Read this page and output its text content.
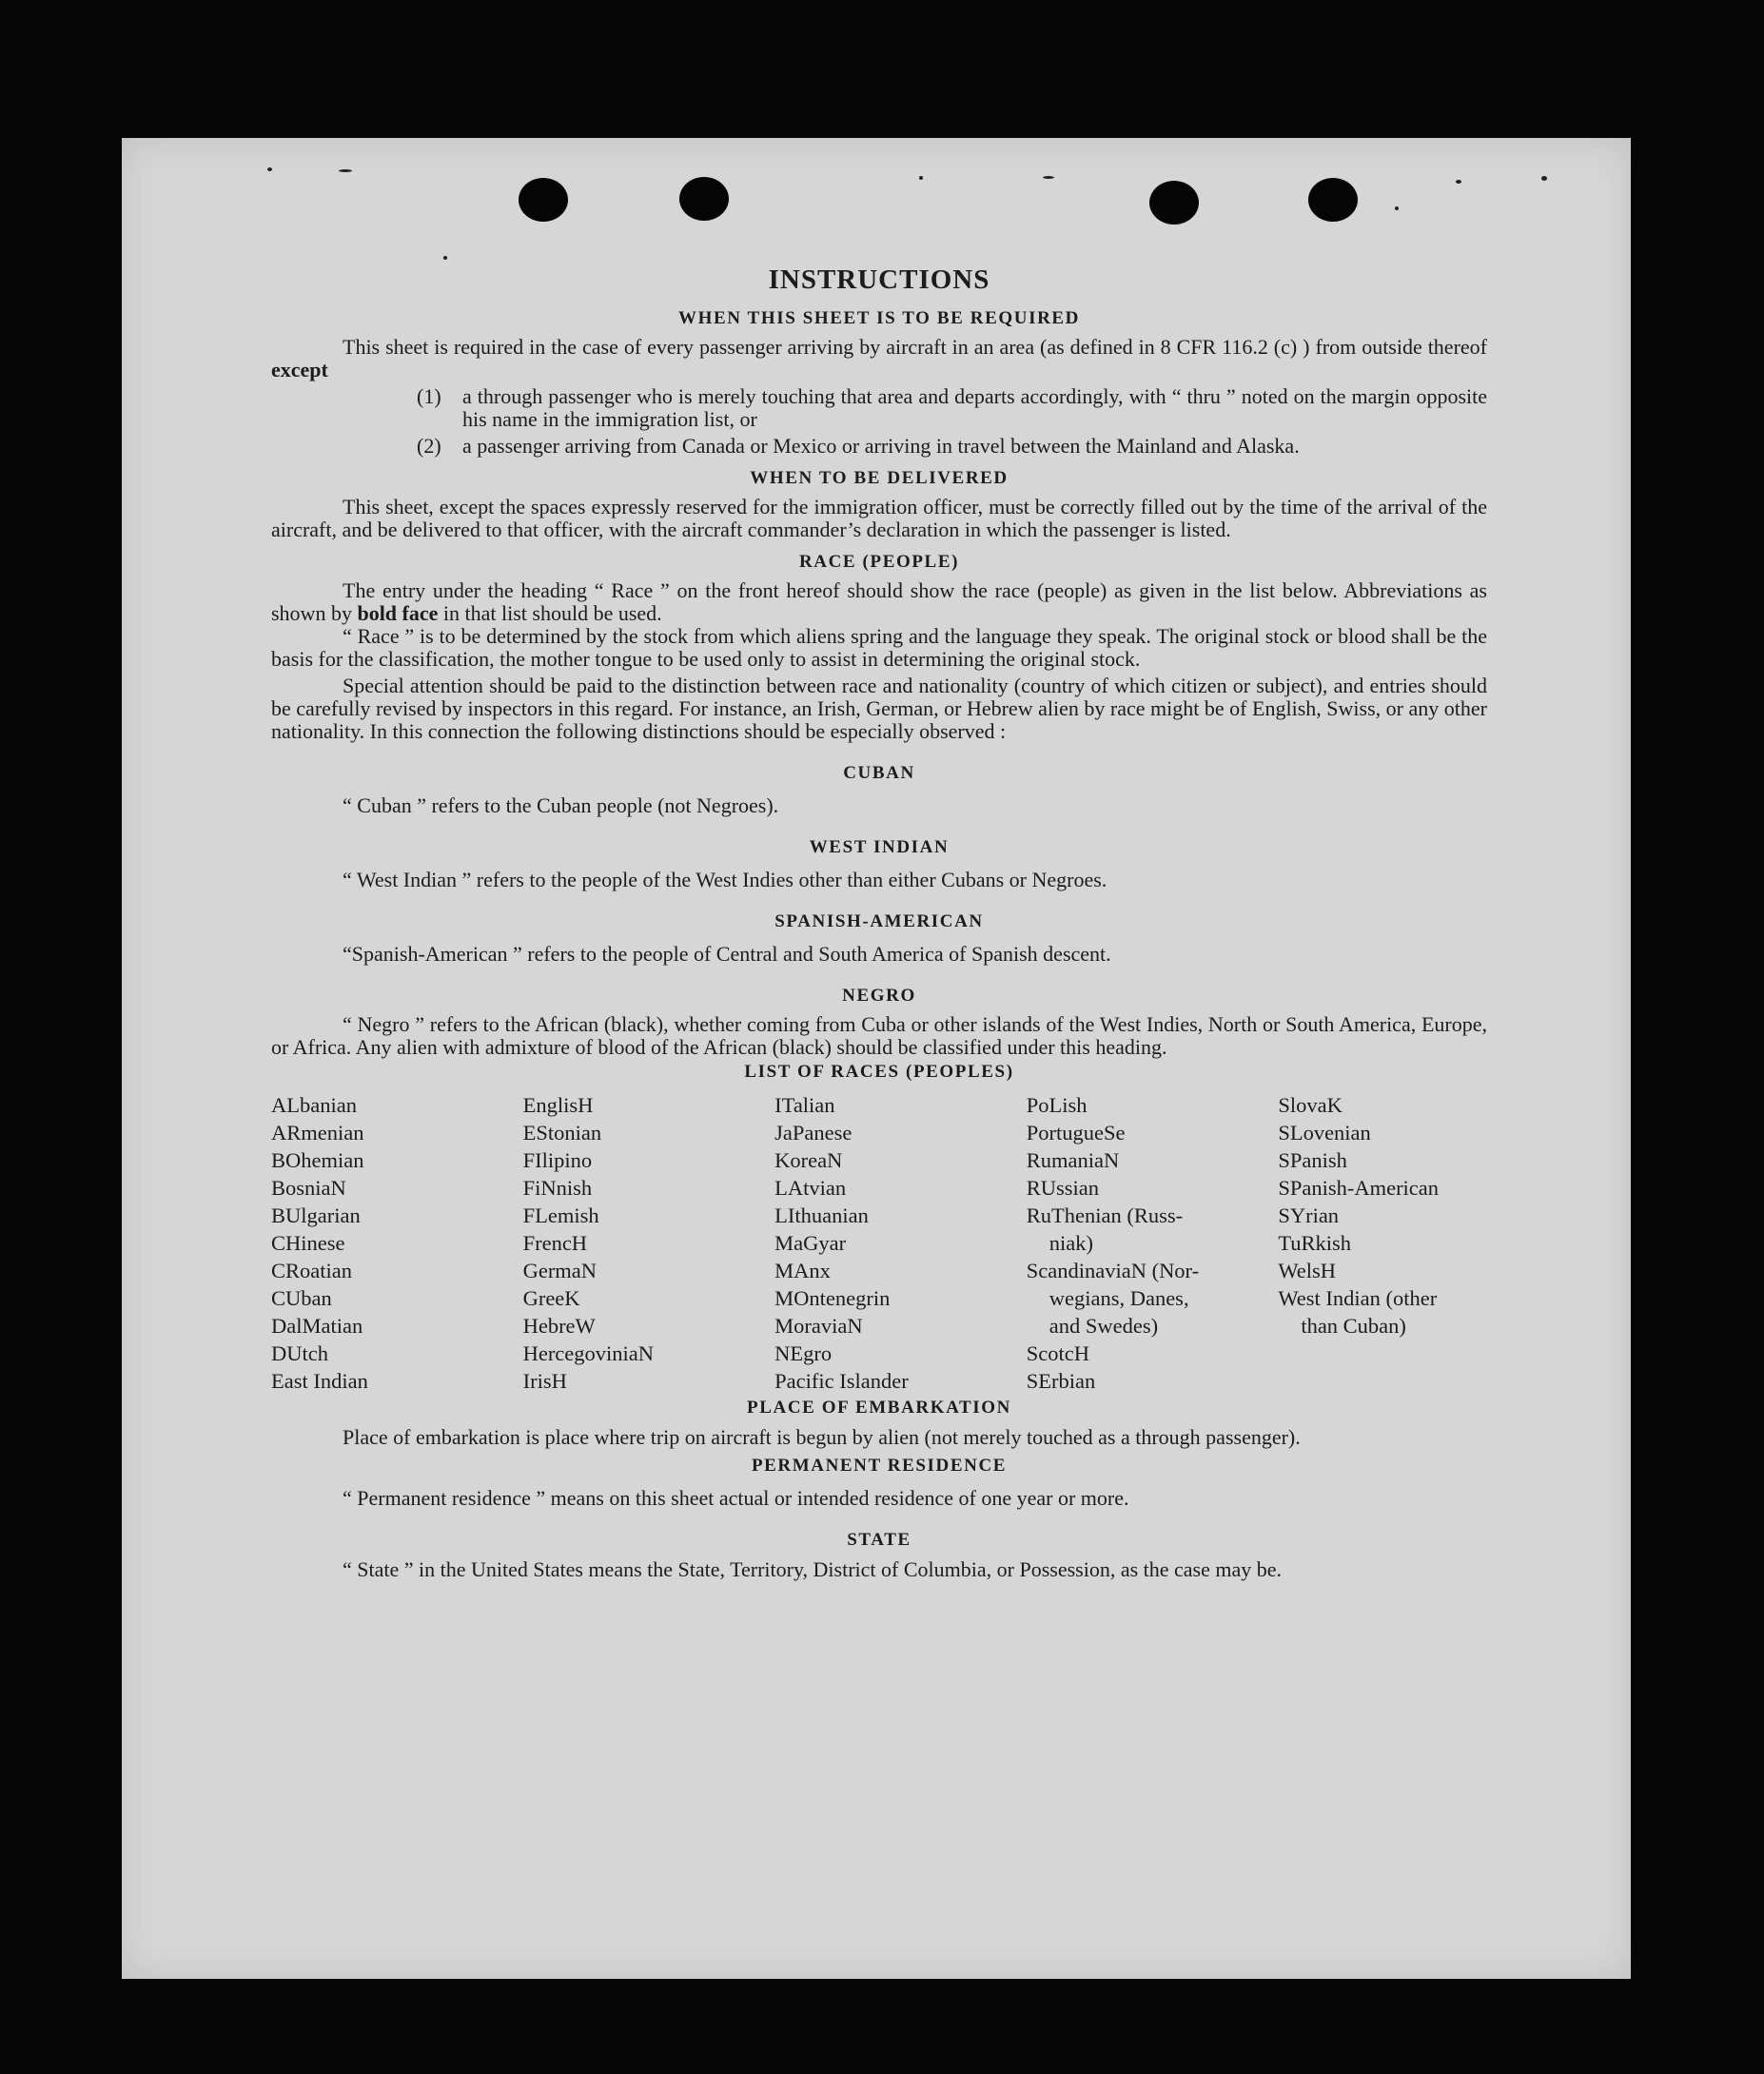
INSTRUCTIONS
WHEN THIS SHEET IS TO BE REQUIRED

This sheet is required in the case of every passenger arriving by aircraft in an area (as defined in 8 CFR 116.2 (c) ) from outside thereof except

(1) a through passenger who is merely touching that area and departs accordingly, with “ thru ” noted on the margin opposite his name in the immigration list, or
(2) a passenger arriving from Canada or Mexico or arriving in travel between the Mainland and Alaska.
WHEN TO BE DELIVERED

This sheet, except the spaces expressly reserved for the immigration officer, must be correctly filled out by the time of the arrival of the aircraft, and be delivered to that officer, with the aircraft commander’s declaration in which the passenger is listed.

RACE (PEOPLE)

The entry under the heading “ Race ” on the front hereof should show the race (people) as given in the list below. Abbreviations as shown by bold face in that list should be used.

“ Race ” is to be determined by the stock from which aliens spring and the language they speak. The original stock or blood shall be the basis for the classification, the mother tongue to be used only to assist in determining the original stock.

Special attention should be paid to the distinction between race and nationality (country of which citizen or subject), and entries should be carefully revised by inspectors in this regard. For instance, an Irish, German, or Hebrew alien by race might be of English, Swiss, or any other nationality. In this connection the following distinctions should be especially observed :

CUBAN

“ Cuban ” refers to the Cuban people (not Negroes).

WEST INDIAN

“ West Indian ” refers to the people of the West Indies other than either Cubans or Negroes.

SPANISH-AMERICAN

“Spanish-American ” refers to the people of Central and South America of Spanish descent.

NEGRO

“ Negro ” refers to the African (black), whether coming from Cuba or other islands of the West Indies, North or South America, Europe, or Africa. Any alien with admixture of blood of the African (black) should be classified under this heading.

LIST OF RACES (PEOPLES)
ALbanian
ARmenian
BOhemian
BosniaN
BUlgarian
CHinese
CRoatian
CUban
DalMatian
DUtch
East Indian
EnglisH
EStonian
FIlipino
FiNnish
FLemish
FrencH
GermaN
GreeK
HebreW
HercegoviniaN
IrisH
ITalian
JaPanese
KoreaN
LAtvian
LIthuanian
MaGyar
MAnx
MOntenegrin
MoraviaN
NEgro
Pacific Islander
PoLish
PortugueSe
RumaniaN
RUssian
RuThenian (Russ-
niak)
ScandinaviaN (Nor-
wegians, Danes,
and Swedes)
ScotcH
SErbian
SlovaK
SLovenian
SPanish
SPanish-American
SYrian
TuRkish
WelsH
West Indian (other
than Cuban)
PLACE OF EMBARKATION

Place of embarkation is place where trip on aircraft is begun by alien (not merely touched as a through passenger).

PERMANENT RESIDENCE

“ Permanent residence ” means on this sheet actual or intended residence of one year or more.

STATE

“ State ” in the United States means the State, Territory, District of Columbia, or Possession, as the case may be.
